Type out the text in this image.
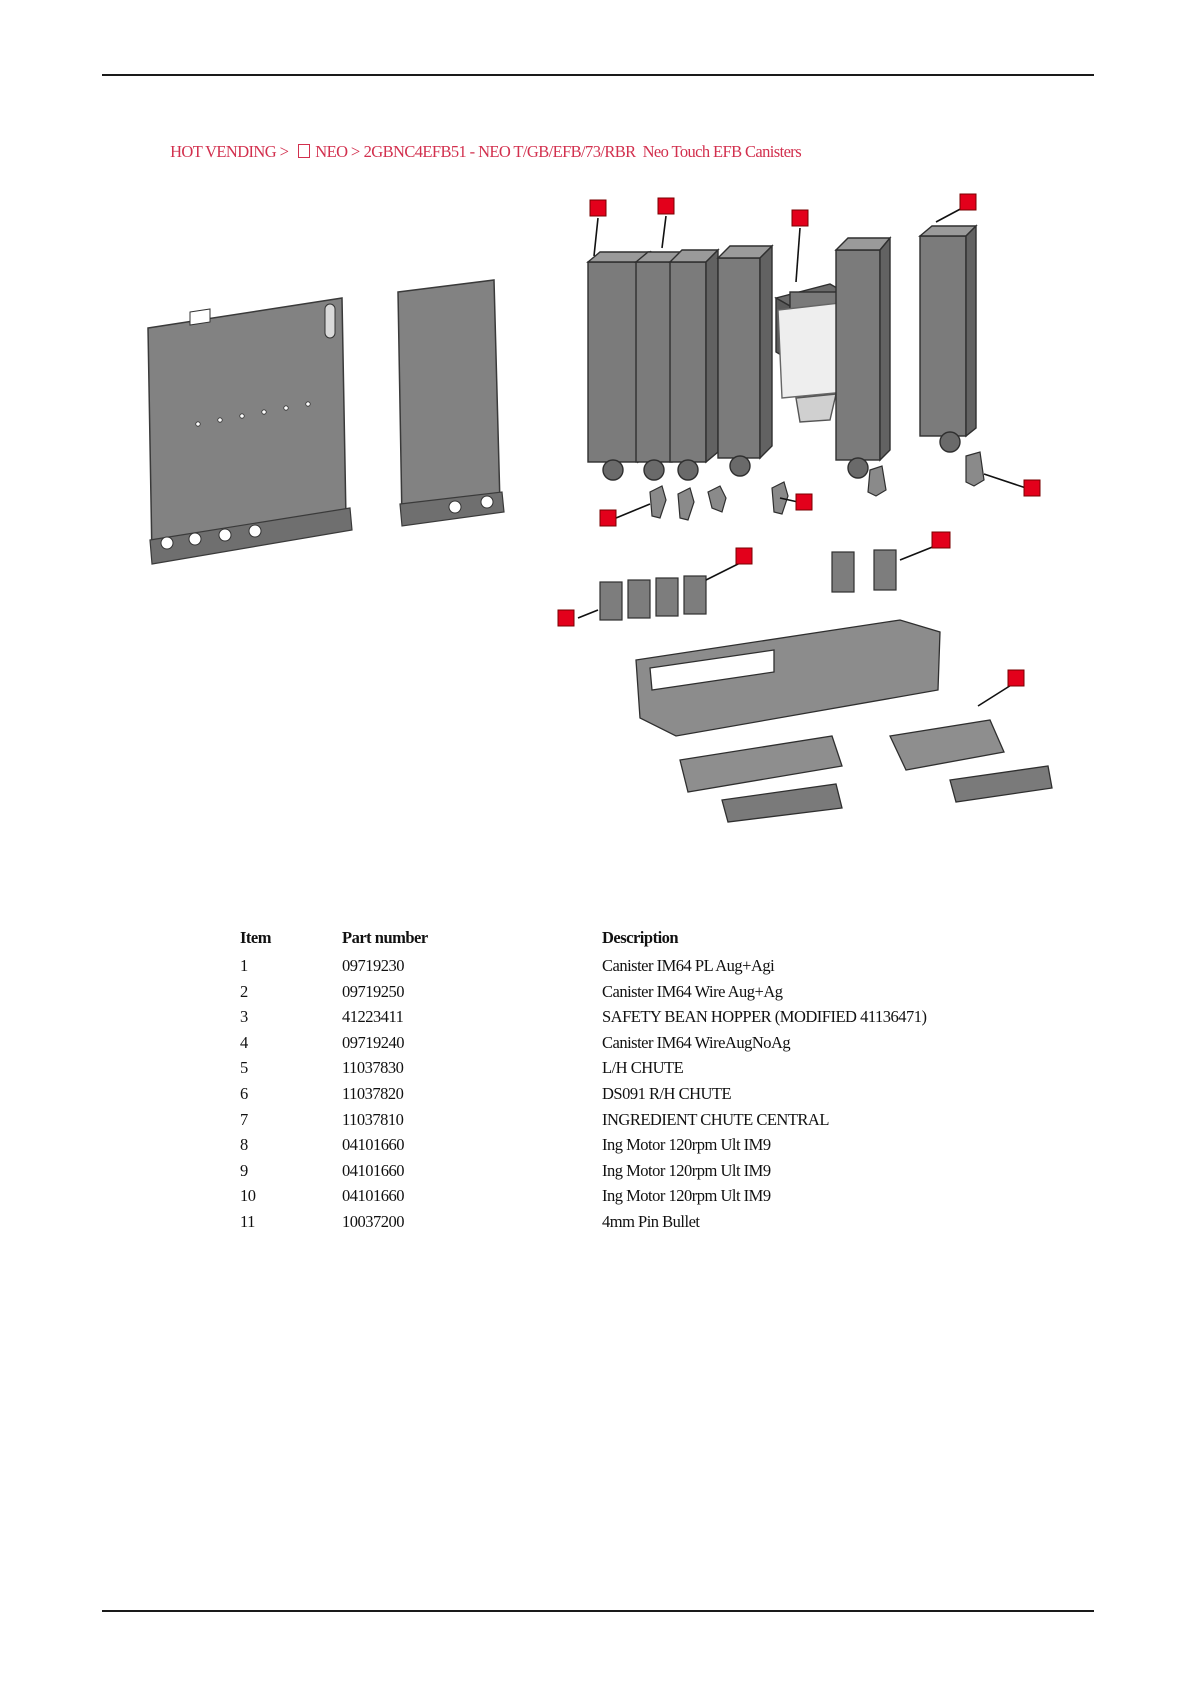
HOT VENDING > NEO > 2GBNC4EFB51 - NEO T/GB/EFB/73/RBR  Neo Touch EFB Canisters

Item	Part number	Description
1	09719230	Canister IM64 PL Aug+Agi
2	09719250	Canister IM64 Wire Aug+Ag
3	41223411	SAFETY BEAN HOPPER (MODIFIED 41136471)
4	09719240	Canister IM64 WireAugNoAg
5	11037830	L/H CHUTE
6	11037820	DS091 R/H CHUTE
7	11037810	INGREDIENT CHUTE CENTRAL
8	04101660	Ing Motor 120rpm Ult IM9
9	04101660	Ing Motor 120rpm Ult IM9
10	04101660	Ing Motor 120rpm Ult IM9
11	10037200	4mm Pin Bullet
